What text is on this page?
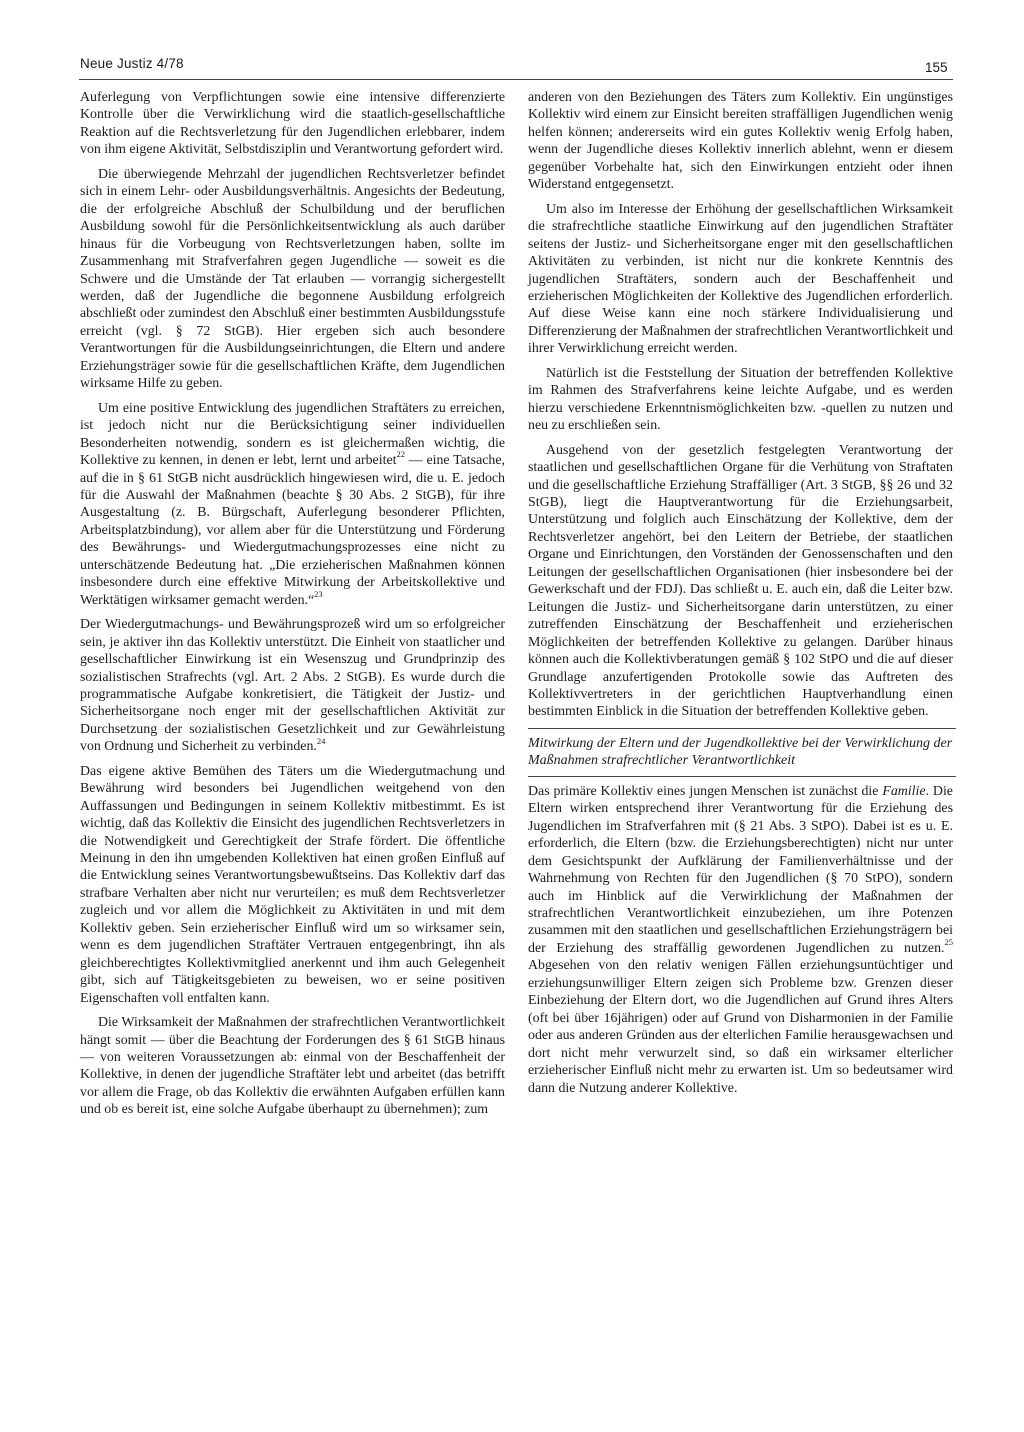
Neue Justiz 4/78	155

Auferlegung von Verpflichtungen sowie eine intensive differenzierte Kontrolle über die Verwirklichung wird die staatlich-gesellschaftliche Reaktion auf die Rechtsverletzung für den Jugendlichen erlebbarer, indem von ihm eigene Aktivität, Selbstdisziplin und Verantwortung gefordert wird.

Die überwiegende Mehrzahl der jugendlichen Rechtsverletzer befindet sich in einem Lehr- oder Ausbildungsverhältnis. Angesichts der Bedeutung, die der erfolgreiche Abschluß der Schulbildung und der beruflichen Ausbildung sowohl für die Persönlichkeitsentwicklung als auch darüber hinaus für die Vorbeugung von Rechtsverletzungen haben, sollte im Zusammenhang mit Strafverfahren gegen Jugendliche — soweit es die Schwere und die Umstände der Tat erlauben — vorrangig sichergestellt werden, daß der Jugendliche die begonnene Ausbildung erfolgreich abschließt oder zumindest den Abschluß einer bestimmten Ausbildungsstufe erreicht (vgl. § 72 StGB). Hier ergeben sich auch besondere Verantwortungen für die Ausbildungseinrichtungen, die Eltern und andere Erziehungsträger sowie für die gesellschaftlichen Kräfte, dem Jugendlichen wirksame Hilfe zu geben.

Um eine positive Entwicklung des jugendlichen Straftäters zu erreichen, ist jedoch nicht nur die Berücksichtigung seiner individuellen Besonderheiten notwendig, sondern es ist gleichermaßen wichtig, die Kollektive zu kennen, in denen er lebt, lernt und arbeitet$^{22}$ — eine Tatsache, auf die in § 61 StGB nicht ausdrücklich hingewiesen wird, die u. E. jedoch für die Auswahl der Maßnahmen (beachte § 30 Abs. 2 StGB), für ihre Ausgestaltung (z. B. Bürgschaft, Auferlegung besonderer Pflichten, Arbeitsplatzbindung), vor allem aber für die Unterstützung und Förderung des Bewährungs- und Wiedergutmachungsprozesses eine nicht zu unterschätzende Bedeutung hat. „Die erzieherischen Maßnahmen können insbesondere durch eine effektive Mitwirkung der Arbeitskollektive und Werktätigen wirksamer gemacht werden.“$^{23}$

Der Wiedergutmachungs- und Bewährungsprozeß wird um so erfolgreicher sein, je aktiver ihn das Kollektiv unterstützt. Die Einheit von staatlicher und gesellschaftlicher Einwirkung ist ein Wesenszug und Grundprinzip des sozialistischen Strafrechts (vgl. Art. 2 Abs. 2 StGB). Es wurde durch die programmatische Aufgabe konkretisiert, die Tätigkeit der Justiz- und Sicherheitsorgane noch enger mit der gesellschaftlichen Aktivität zur Durchsetzung der sozialistischen Gesetzlichkeit und zur Gewährleistung von Ordnung und Sicherheit zu verbinden.$^{24}$

Das eigene aktive Bemühen des Täters um die Wiedergutmachung und Bewährung wird besonders bei Jugendlichen weitgehend von den Auffassungen und Bedingungen in seinem Kollektiv mitbestimmt. Es ist wichtig, daß das Kollektiv die Einsicht des jugendlichen Rechtsverletzers in die Notwendigkeit und Gerechtigkeit der Strafe fördert. Die öffentliche Meinung in den ihn umgebenden Kollektiven hat einen großen Einfluß auf die Entwicklung seines Verantwortungsbewußtseins. Das Kollektiv darf das strafbare Verhalten aber nicht nur verurteilen; es muß dem Rechtsverletzer zugleich und vor allem die Möglichkeit zu Aktivitäten in und mit dem Kollektiv geben. Sein erzieherischer Einfluß wird um so wirksamer sein, wenn es dem jugendlichen Straftäter Vertrauen entgegenbringt, ihn als gleichberechtigtes Kollektivmitglied anerkennt und ihm auch Gelegenheit gibt, sich auf Tätigkeitsgebieten zu beweisen, wo er seine positiven Eigenschaften voll entfalten kann.

Die Wirksamkeit der Maßnahmen der strafrechtlichen Verantwortlichkeit hängt somit — über die Beachtung der Forderungen des § 61 StGB hinaus — von weiteren Voraussetzungen ab: einmal von der Beschaffenheit der Kollektive, in denen der jugendliche Straftäter lebt und arbeitet (das betrifft vor allem die Frage, ob das Kollektiv die erwähnten Aufgaben erfüllen kann und ob es bereit ist, eine solche Aufgabe überhaupt zu übernehmen); zum

anderen von den Beziehungen des Täters zum Kollektiv. Ein ungünstiges Kollektiv wird einem zur Einsicht bereiten straffälligen Jugendlichen wenig helfen können; andererseits wird ein gutes Kollektiv wenig Erfolg haben, wenn der Jugendliche dieses Kollektiv innerlich ablehnt, wenn er diesem gegenüber Vorbehalte hat, sich den Einwirkungen entzieht oder ihnen Widerstand entgegensetzt.

Um also im Interesse der Erhöhung der gesellschaftlichen Wirksamkeit die strafrechtliche staatliche Einwirkung auf den jugendlichen Straftäter seitens der Justiz- und Sicherheitsorgane enger mit den gesellschaftlichen Aktivitäten zu verbinden, ist nicht nur die konkrete Kenntnis des jugendlichen Straftäters, sondern auch der Beschaffenheit und erzieherischen Möglichkeiten der Kollektive des Jugendlichen erforderlich. Auf diese Weise kann eine noch stärkere Individualisierung und Differenzierung der Maßnahmen der strafrechtlichen Verantwortlichkeit und ihrer Verwirklichung erreicht werden.

Natürlich ist die Feststellung der Situation der betreffenden Kollektive im Rahmen des Strafverfahrens keine leichte Aufgabe, und es werden hierzu verschiedene Erkenntnismöglichkeiten bzw. -quellen zu nutzen und neu zu erschließen sein.

Ausgehend von der gesetzlich festgelegten Verantwortung der staatlichen und gesellschaftlichen Organe für die Verhütung von Straftaten und die gesellschaftliche Erziehung Straffälliger (Art. 3 StGB, §§ 26 und 32 StGB), liegt die Hauptverantwortung für die Erziehungsarbeit, Unterstützung und folglich auch Einschätzung der Kollektive, dem der Rechtsverletzer angehört, bei den Leitern der Betriebe, der staatlichen Organe und Einrichtungen, den Vorständen der Genossenschaften und den Leitungen der gesellschaftlichen Organisationen (hier insbesondere bei der Gewerkschaft und der FDJ). Das schließt u. E. auch ein, daß die Leiter bzw. Leitungen die Justiz- und Sicherheitsorgane darin unterstützen, zu einer zutreffenden Einschätzung der Beschaffenheit und erzieherischen Möglichkeiten der betreffenden Kollektive zu gelangen. Darüber hinaus können auch die Kollektivberatungen gemäß § 102 StPO und die auf dieser Grundlage anzufertigenden Protokolle sowie das Auftreten des Kollektivvertreters in der gerichtlichen Hauptverhandlung einen bestimmten Einblick in die Situation der betreffenden Kollektive geben.

Mitwirkung der Eltern und der Jugendkollektive bei der Verwirklichung der Maßnahmen strafrechtlicher Verantwortlichkeit

Das primäre Kollektiv eines jungen Menschen ist zunächst die Familie. Die Eltern wirken entsprechend ihrer Verantwortung für die Erziehung des Jugendlichen im Strafverfahren mit (§ 21 Abs. 3 StPO). Dabei ist es u. E. erforderlich, die Eltern (bzw. die Erziehungsberechtigten) nicht nur unter dem Gesichtspunkt der Aufklärung der Familienverhältnisse und der Wahrnehmung von Rechten für den Jugendlichen (§ 70 StPO), sondern auch im Hinblick auf die Verwirklichung der Maßnahmen der strafrechtlichen Verantwortlichkeit einzubeziehen, um ihre Potenzen zusammen mit den staatlichen und gesellschaftlichen Erziehungsträgern bei der Erziehung des straffällig gewordenen Jugendlichen zu nutzen.$^{25}$ Abgesehen von den relativ wenigen Fällen erziehungsuntüchtiger und erziehungsunwilliger Eltern zeigen sich Probleme bzw. Grenzen dieser Einbeziehung der Eltern dort, wo die Jugendlichen auf Grund ihres Alters (oft bei über 16jährigen) oder auf Grund von Disharmonien in der Familie oder aus anderen Gründen aus der elterlichen Familie herausgewachsen und dort nicht mehr verwurzelt sind, so daß ein wirksamer elterlicher erzieherischer Einfluß nicht mehr zu erwarten ist. Um so bedeutsamer wird dann die Nutzung anderer Kollektive.
